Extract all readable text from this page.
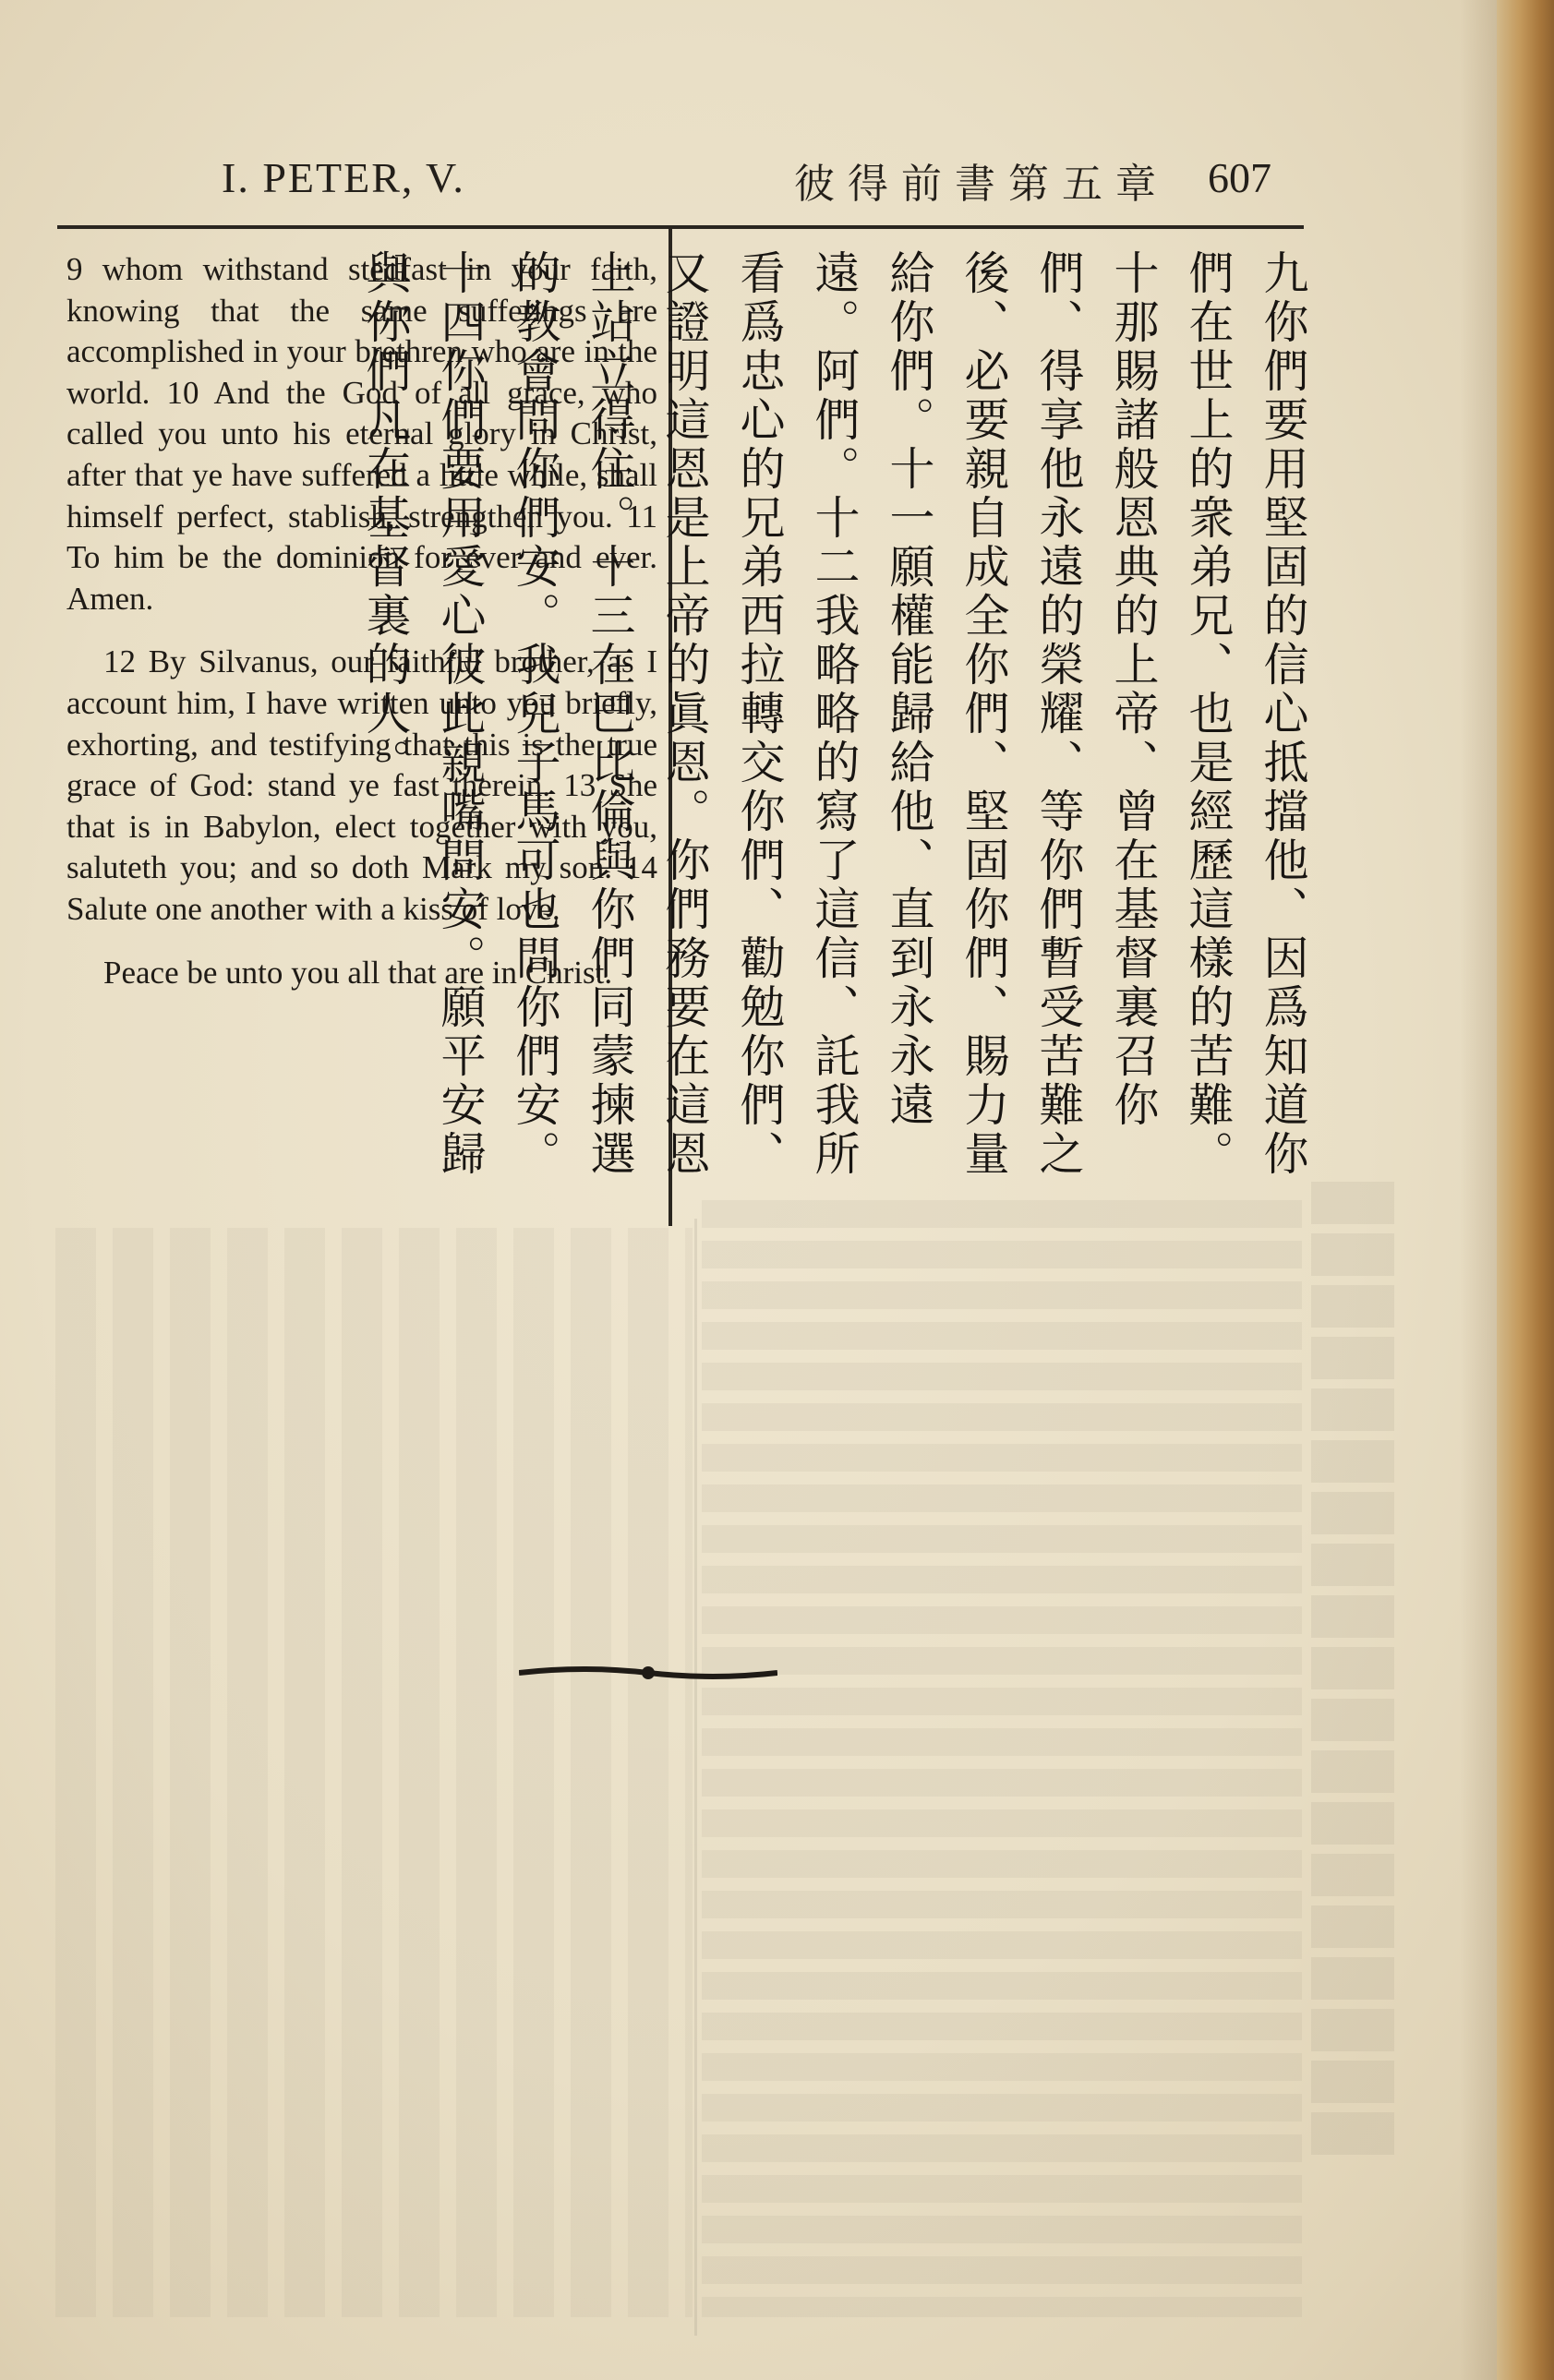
I. PETER, V.	彼得前書第五章 607

9 whom withstand stedfast in your faith, knowing that the same sufferings are accomplished in your brethren who are in the world. 10 And the God of all grace, who called you unto his eternal glory in Christ, after that ye have suffered a little while, shall himself perfect, stablish, strengthen you. 11 To him be the dominion for ever and ever. Amen.

12 By Silvanus, our faithful brother, as I account him, I have written unto you briefly, exhorting, and testifying that this is the true grace of God: stand ye fast therein. 13 She that is in Babylon, elect together with you, saluteth you; and so doth Mark my son. 14 Salute one another with a kiss of love.

Peace be unto you all that are in Christ.	九你們要用堅固的信心抵擋他、因爲知道你們在世上的衆弟兄、也是經歷這樣的苦難。十那賜諸般恩典的上帝、曾在基督裏召你們、得享他永遠的榮耀、等你們暫受苦難之後、必要親自成全你們、堅固你們、賜力量給你們。十一願權能歸給他、直到永永遠遠。阿們。十二我略略的寫了這信、託我所看爲忠心的兄弟西拉轉交你們、勸勉你們、又證明這恩是上帝的眞恩。你們務要在這恩上站立得住。十三在巴比倫與你們同蒙揀選的教會問你們安。我兒子馬可也問你們安。十四你們要用愛心彼此親嘴問安。願平安歸與你們凡在基督裏的人。
